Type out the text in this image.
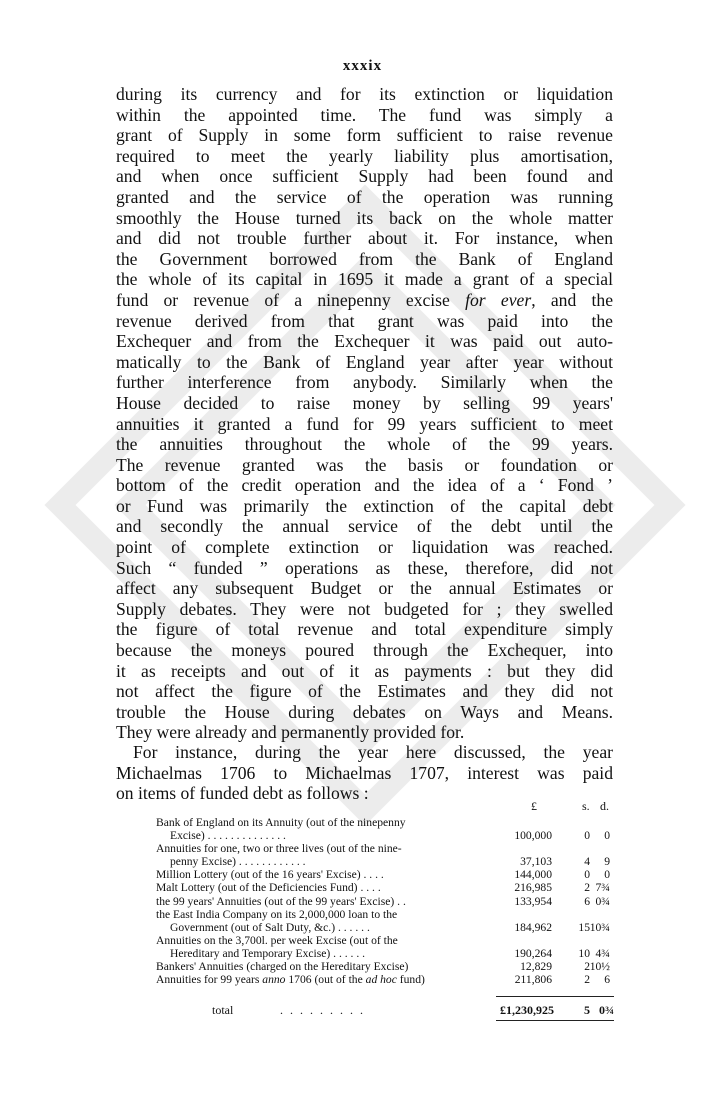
xxxix
during its currency and for its extinction or liquidation
within the appointed time. The fund was simply a
grant of Supply in some form sufficient to raise revenue
required to meet the yearly liability plus amortisation,
and when once sufficient Supply had been found and
granted and the service of the operation was running
smoothly the House turned its back on the whole matter
and did not trouble further about it. For instance, when
the Government borrowed from the Bank of England
the whole of its capital in 1695 it made a grant of a special
fund or revenue of a ninepenny excise for ever, and the
revenue derived from that grant was paid into the
Exchequer and from the Exchequer it was paid out auto-
matically to the Bank of England year after year without
further interference from anybody. Similarly when the
House decided to raise money by selling 99 years'
annuities it granted a fund for 99 years sufficient to meet
the annuities throughout the whole of the 99 years.
The revenue granted was the basis or foundation or
bottom of the credit operation and the idea of a ‘ Fond ’
or Fund was primarily the extinction of the capital debt
and secondly the annual service of the debt until the
point of complete extinction or liquidation was reached.
Such “ funded ” operations as these, therefore, did not
affect any subsequent Budget or the annual Estimates or
Supply debates. They were not budgeted for ; they swelled
the figure of total revenue and total expenditure simply
because the moneys poured through the Exchequer, into
it as receipts and out of it as payments : but they did
not affect the figure of the Estimates and they did not
trouble the House during debates on Ways and Means.
They were already and permanently provided for.
For instance, during the year here discussed, the year
Michaelmas 1706 to Michaelmas 1707, interest was paid
on items of funded debt as follows :
£	s. d.
Bank of England on its Annuity (out of the ninepenny
Excise) . . . . . . . . . . . . . .	100,000	0 0
Annuities for one, two or three lives (out of the nine-
penny Excise) . . . . . . . . . . . .	37,103	4 9
Million Lottery (out of the 16 years' Excise) . . . .	144,000	0 0
Malt Lottery (out of the Deficiencies Fund) . . . .	216,985	2 7¾
the 99 years' Annuities (out of the 99 years' Excise) . .	133,954	6 0¾
the East India Company on its 2,000,000 loan to the
Government (out of Salt Duty, &c.) . . . . . .	184,962 15 10¾
Annuities on the 3,700l. per week Excise (out of the
Hereditary and Temporary Excise) . . . . . .	190,264 10 4¾
Bankers' Annuities (charged on the Hereditary Excise)	12,829	2 10½
Annuities for 99 years anno 1706 (out of the ad hoc fund)	211,806	2 6
total	. . . . . . . . .	£1,230,925	5 0¾
